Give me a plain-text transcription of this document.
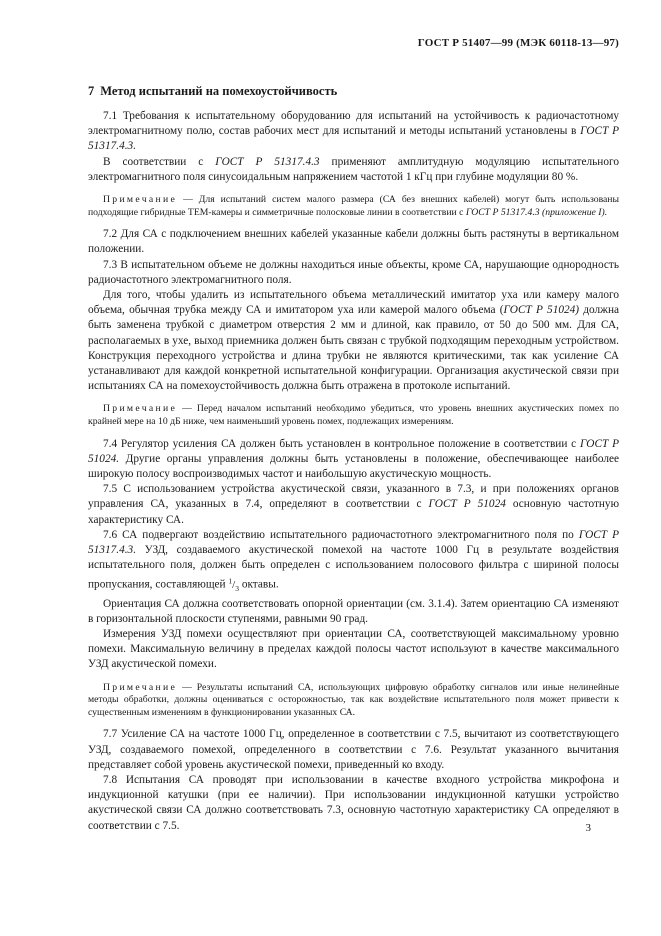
ГОСТ Р 51407—99 (МЭК 60118-13—97)
7 Метод испытаний на помехоустойчивость

7.1 Требования к испытательному оборудованию для испытаний на устойчивость к радиочастотному электромагнитному полю, состав рабочих мест для испытаний и методы испытаний установлены в ГОСТ Р 51317.4.3.

В соответствии с ГОСТ Р 51317.4.3 применяют амплитудную модуляцию испытательного электромагнитного поля синусоидальным напряжением частотой 1 кГц при глубине модуляции 80 %.

Примечание — Для испытаний систем малого размера (СА без внешних кабелей) могут быть использованы подходящие гибридные ТЕМ-камеры и симметричные полосковые линии в соответствии с ГОСТ Р 51317.4.3 (приложение I).

7.2 Для СА с подключением внешних кабелей указанные кабели должны быть растянуты в вертикальном положении.

7.3 В испытательном объеме не должны находиться иные объекты, кроме СА, нарушающие однородность радиочастотного электромагнитного поля.

Для того, чтобы удалить из испытательного объема металлический имитатор уха или камеру малого объема, обычная трубка между СА и имитатором уха или камерой малого объема (ГОСТ Р 51024) должна быть заменена трубкой с диаметром отверстия 2 мм и длиной, как правило, от 50 до 500 мм. Для СА, располагаемых в ухе, выход приемника должен быть связан с трубкой подходящим переходным устройством. Конструкция переходного устройства и длина трубки не являются критическими, так как усиление СА устанавливают для каждой конкретной испытательной конфигурации. Организация акустической связи при испытаниях СА на помехоустойчивость должна быть отражена в протоколе испытаний.

Примечание — Перед началом испытаний необходимо убедиться, что уровень внешних акустических помех по крайней мере на 10 дБ ниже, чем наименьший уровень помех, подлежащих измерениям.

7.4 Регулятор усиления СА должен быть установлен в контрольное положение в соответствии с ГОСТ Р 51024. Другие органы управления должны быть установлены в положение, обеспечивающее наиболее широкую полосу воспроизводимых частот и наибольшую акустическую мощность.

7.5 С использованием устройства акустической связи, указанного в 7.3, и при положениях органов управления СА, указанных в 7.4, определяют в соответствии с ГОСТ Р 51024 основную частотную характеристику СА.

7.6 СА подвергают воздействию испытательного радиочастотного электромагнитного поля по ГОСТ Р 51317.4.3. УЗД, создаваемого акустической помехой на частоте 1000 Гц в результате воздействия испытательного поля, должен быть определен с использованием полосового фильтра с шириной полосы пропускания, составляющей $^1/_3$ октавы.

Ориентация СА должна соответствовать опорной ориентации (см. 3.1.4). Затем ориентацию СА изменяют в горизонтальной плоскости ступенями, равными 90 град.

Измерения УЗД помехи осуществляют при ориентации СА, соответствующей максимальному уровню помехи. Максимальную величину в пределах каждой полосы частот используют в качестве максимального УЗД акустической помехи.

Примечание — Результаты испытаний СА, использующих цифровую обработку сигналов или иные нелинейные методы обработки, должны оцениваться с осторожностью, так как воздействие испытательного поля может привести к существенным изменениям в функционировании указанных СА.

7.7 Усиление СА на частоте 1000 Гц, определенное в соответствии с 7.5, вычитают из соответствующего УЗД, создаваемого помехой, определенного в соответствии с 7.6. Результат указанного вычитания представляет собой уровень акустической помехи, приведенный ко входу.

7.8 Испытания СА проводят при использовании в качестве входного устройства микрофона и индукционной катушки (при ее наличии). При использовании индукционной катушки устройство акустической связи СА должно соответствовать 7.3, основную частотную характеристику СА определяют в соответствии с 7.5.	3
